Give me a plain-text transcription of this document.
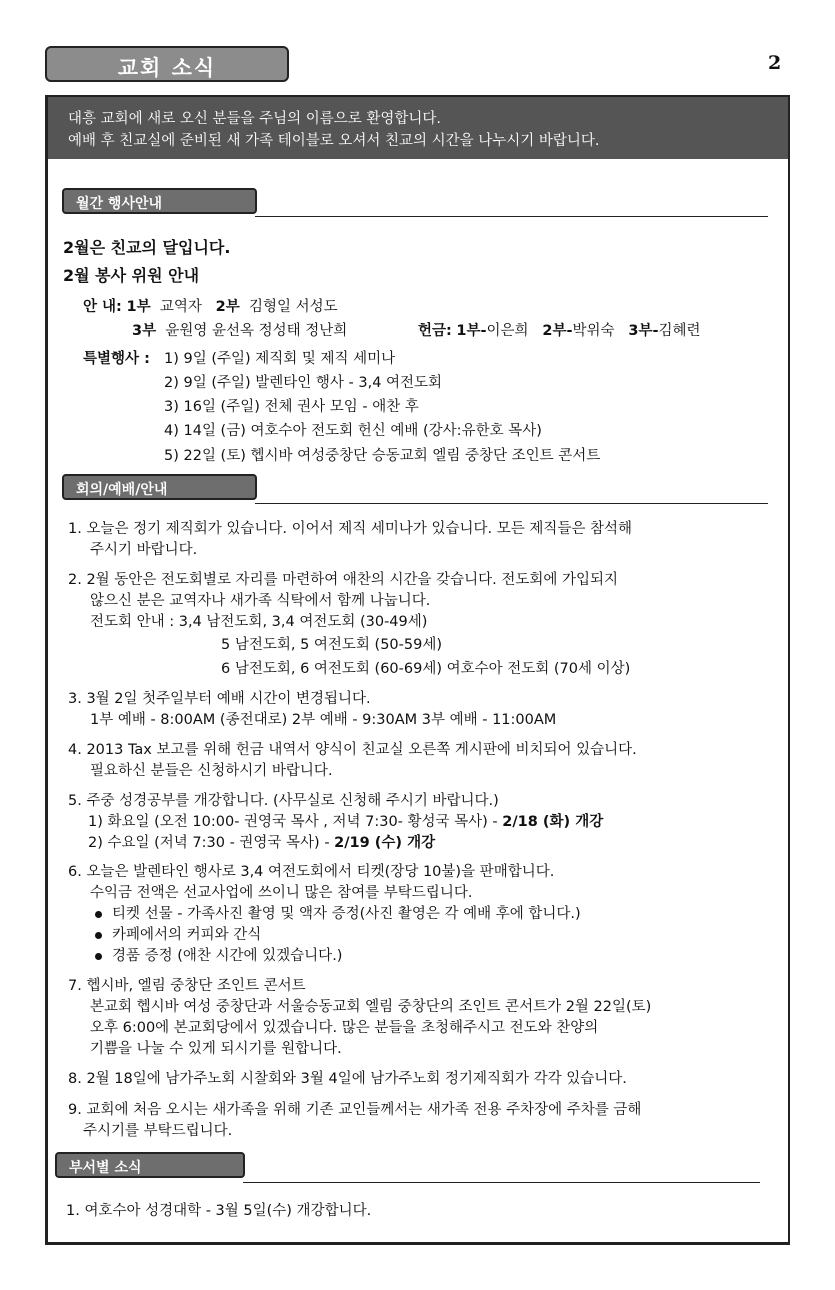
교회 소식	2
대흥 교회에 새로 오신 분들을 주님의 이름으로 환영합니다.
예배 후 친교실에 준비된 새 가족 테이블로 오셔서 친교의 시간을 나누시기 바랍니다.
월간 행사안내
2월은 친교의 달입니다.
2월 봉사 위원 안내
안 내: 1부 교역자 2부 김형일 서성도
3부 윤원영 윤선옥 정성태 정난희	헌금: 1부-이은희 2부-박위숙 3부-김혜련
특별행사 : 1) 9일 (주일) 제직회 및 제직 세미나
2) 9일 (주일) 발렌타인 행사 - 3,4 여전도회
3) 16일 (주일) 전체 권사 모임 - 애찬 후
4) 14일 (금) 여호수아 전도회 헌신 예배 (강사:유한호 목사)
5) 22일 (토) 헵시바 여성중창단 승동교회 엘림 중창단 조인트 콘서트
회의/예배/안내
1. 오늘은 정기 제직회가 있습니다. 이어서 제직 세미나가 있습니다. 모든 제직들은 참석해
주시기 바랍니다.
2. 2월 동안은 전도회별로 자리를 마련하여 애찬의 시간을 갖습니다. 전도회에 가입되지
않으신 분은 교역자나 새가족 식탁에서 함께 나눕니다.
전도회 안내 : 3,4 남전도회, 3,4 여전도회 (30-49세)
5 남전도회, 5 여전도회 (50-59세)
6 남전도회, 6 여전도회 (60-69세) 여호수아 전도회 (70세 이상)
3. 3월 2일 첫주일부터 예배 시간이 변경됩니다.
1부 예배 - 8:00AM (종전대로) 2부 예배 - 9:30AM 3부 예배 - 11:00AM
4. 2013 Tax 보고를 위해 헌금 내역서 양식이 친교실 오른쪽 게시판에 비치되어 있습니다.
필요하신 분들은 신청하시기 바랍니다.
5. 주중 성경공부를 개강합니다. (사무실로 신청해 주시기 바랍니다.)
1) 화요일 (오전 10:00- 권영국 목사 , 저녁 7:30- 황성국 목사) - 2/18 (화) 개강
2) 수요일 (저녁 7:30 - 권영국 목사) - 2/19 (수) 개강
6. 오늘은 발렌타인 행사로 3,4 여전도회에서 티켓(장당 10불)을 판매합니다.
수익금 전액은 선교사업에 쓰이니 많은 참여를 부탁드립니다.
티켓 선물 - 가족사진 촬영 및 액자 증정(사진 촬영은 각 예배 후에 합니다.)
카페에서의 커피와 간식
경품 증정 (애찬 시간에 있겠습니다.)
7. 헵시바, 엘림 중창단 조인트 콘서트
본교회 헵시바 여성 중창단과 서울승동교회 엘림 중창단의 조인트 콘서트가 2월 22일(토)
오후 6:00에 본교회당에서 있겠습니다. 많은 분들을 초청해주시고 전도와 찬양의
기쁨을 나눌 수 있게 되시기를 원합니다.
8. 2월 18일에 남가주노회 시찰회와 3월 4일에 남가주노회 정기제직회가 각각 있습니다.
9. 교회에 처음 오시는 새가족을 위해 기존 교인들께서는 새가족 전용 주차장에 주차를 금해
주시기를 부탁드립니다.
부서별 소식
1. 여호수아 성경대학 - 3월 5일(수) 개강합니다.
